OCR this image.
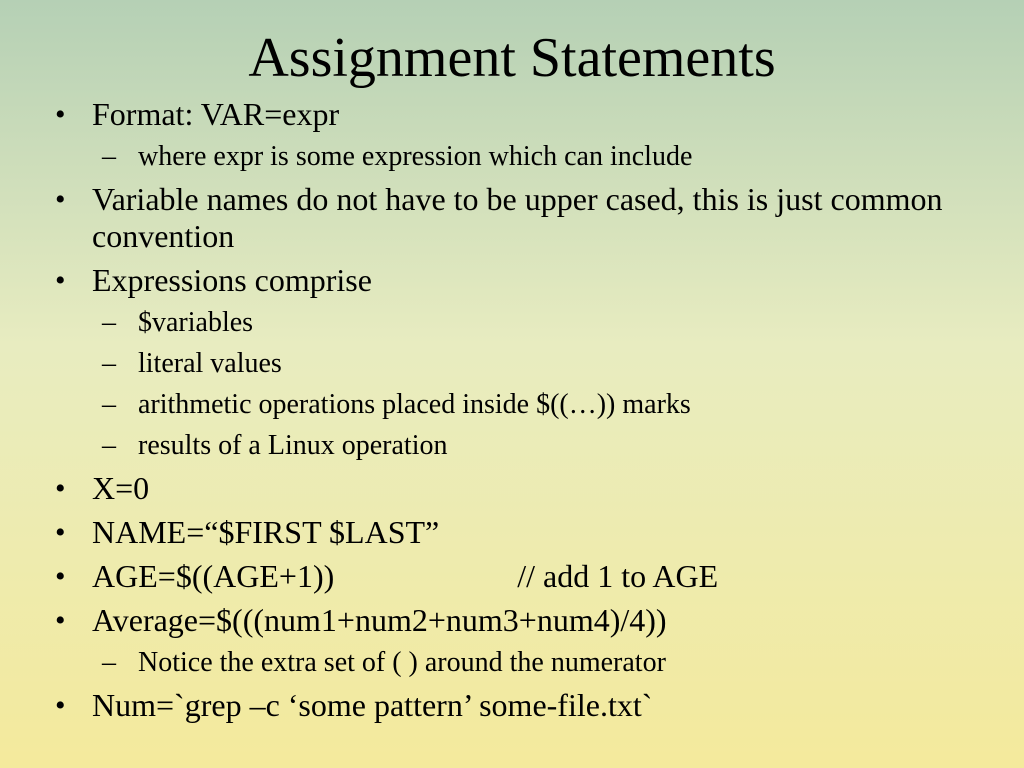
Assignment Statements
• Format: VAR=expr
– where expr is some expression which can include
• Variable names do not have to be upper cased, this is just common convention
• Expressions comprise
– $variables
– literal values
– arithmetic operations placed inside $((…)) marks
– results of a Linux operation
• X=0
• NAME=“$FIRST $LAST”
• AGE=$((AGE+1))	// add 1 to AGE
• Average=$(((num1+num2+num3+num4)/4))
– Notice the extra set of ( ) around the numerator
• Num=`grep –c ‘some pattern’ some-file.txt`
